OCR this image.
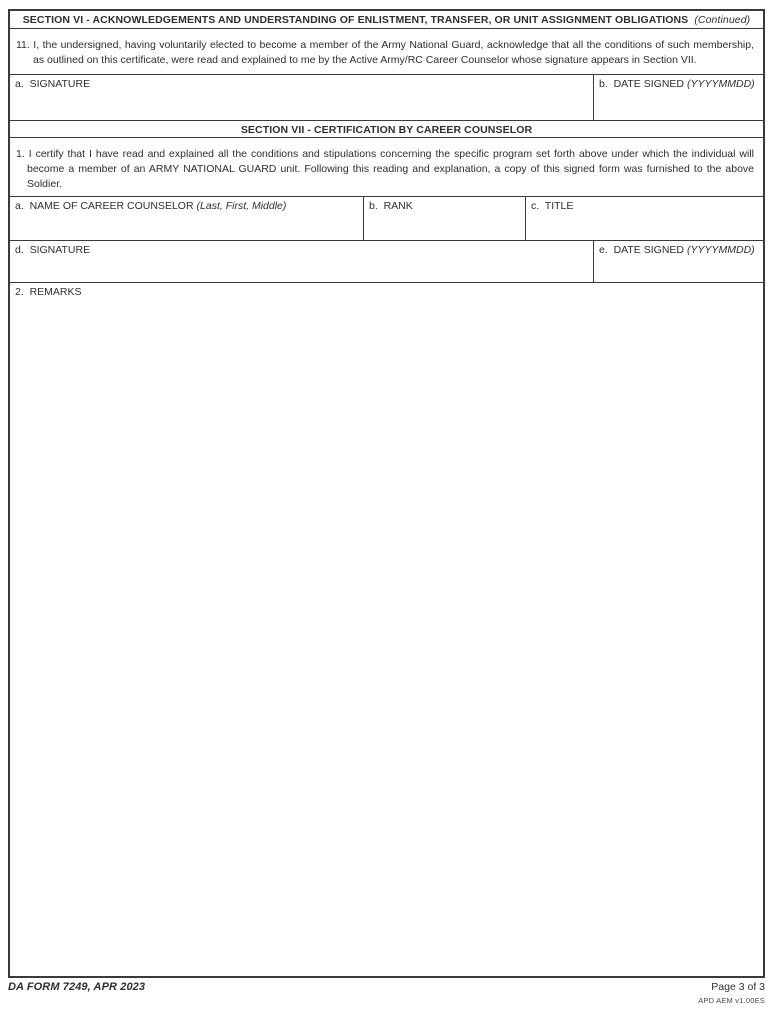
SECTION VI - ACKNOWLEDGEMENTS AND UNDERSTANDING OF ENLISTMENT, TRANSFER, OR UNIT ASSIGNMENT OBLIGATIONS (Continued)

11. I, the undersigned, having voluntarily elected to become a member of the Army National Guard, acknowledge that all the conditions of such membership, as outlined on this certificate, were read and explained to me by the Active Army/RC Career Counselor whose signature appears in Section VII.

a.  SIGNATURE	b.  DATE SIGNED (YYYYMMDD)
SECTION VII - CERTIFICATION BY CAREER COUNSELOR

1. I certify that I have read and explained all the conditions and stipulations concerning the specific program set forth above under which the individual will become a member of an ARMY NATIONAL GUARD unit. Following this reading and explanation, a copy of this signed form was furnished to the above Soldier.

a.  NAME OF CAREER COUNSELOR (Last, First, Middle)	b.  RANK	c.  TITLE
d.  SIGNATURE	e.  DATE SIGNED (YYYYMMDD)
2.  REMARKS
DA FORM 7249, APR 2023	Page 3 of 3
APD AEM v1.00ES
